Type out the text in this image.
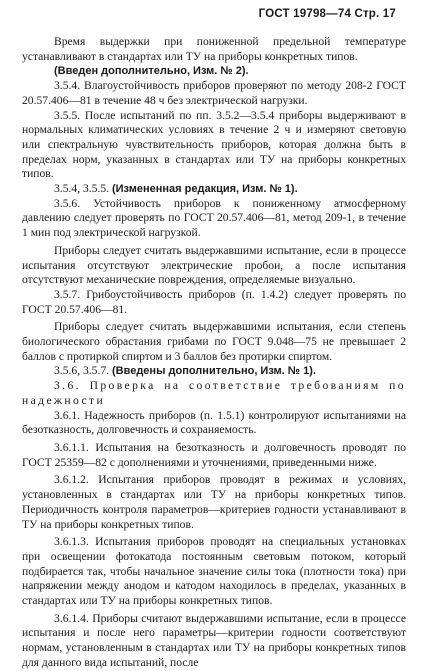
ГОСТ 19798—74 Стр. 17

Время выдержки при пониженной предельной температуре устанавливают в стандартах или ТУ на приборы конкретных типов.

(Введен дополнительно, Изм. № 2).

3.5.4. Влагоустойчивость приборов проверяют по методу 208-2 ГОСТ 20.57.406—81 в течение 48 ч без электрической нагрузки.

3.5.5. После испытаний по пп. 3.5.2—3.5.4 приборы выдерживают в нормальных климатических условиях в течение 2 ч и измеряют световую или спектральную чувствительность приборов, которая должна быть в пределах норм, указанных в стандартах или ТУ на приборы конкретных типов.

3.5.4, 3.5.5. (Измененная редакция, Изм. № 1).

3.5.6. Устойчивость приборов к пониженному атмосферному давлению следует проверять по ГОСТ 20.57.406—81, метод 209-1, в течение 1 мин под электрической нагрузкой.

Приборы следует считать выдержавшими испытание, если в процессе испытания отсутствуют электрические пробои, а после испытания отсутствуют механические повреждения, определяемые визуально.

3.5.7. Грибоустойчивость приборов (п. 1.4.2) следует проверять по ГОСТ 20.57.406—81.

Приборы следует считать выдержавшими испытания, если степень биологического обрастания грибами по ГОСТ 9.048—75 не превышает 2 баллов с протиркой спиртом и 3 баллов без протирки спиртом.

3.5.6, 3.5.7. (Введены дополнительно, Изм. № 1).

3.6. Проверка на соответствие требованиям по надежности

3.6.1. Надежность приборов (п. 1.5.1) контролируют испытаниями на безотказность, долговечность и сохраняемость.

3.6.1.1. Испытания на безотказность и долговечность проводят по ГОСТ 25359—82 с дополнениями и уточнениями, приведенными ниже.

3.6.1.2. Испытания приборов проводят в режимах и условиях, установленных в стандартах или ТУ на приборы конкретных типов. Периодичность контроля параметров—критериев годности устанавливают в ТУ на приборы конкретных типов.

3.6.1.3. Испытания приборов проводят на специальных установках при освещении фотокатода постоянным световым потоком, который подбирается так, чтобы начальное значение силы тока (плотности тока) при напряжении между анодом и катодом находилось в пределах, указанных в стандартах или ТУ на приборы конкретных типов.

3.6.1.4. Приборы считают выдержавшими испытание, если в процессе испытания и после него параметры—критерии годности соответствуют нормам, установленным в стандартах или ТУ на приборы конкретных типов для данного вида испытаний, после
